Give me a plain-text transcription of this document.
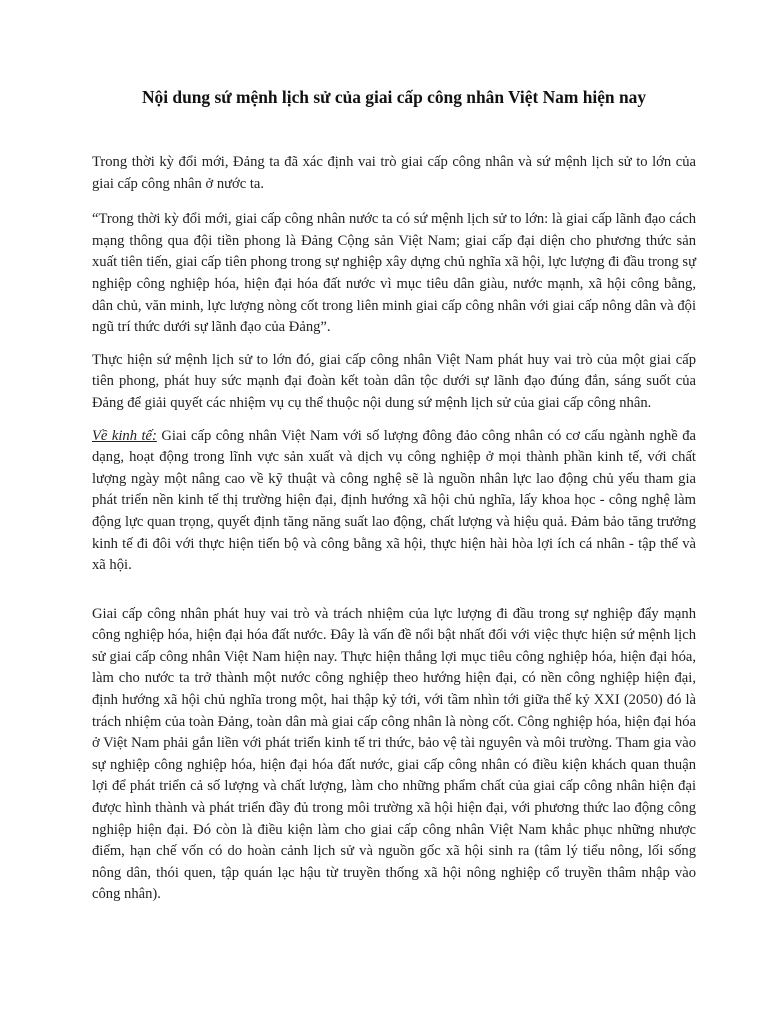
Nội dung sứ mệnh lịch sử của giai cấp công nhân Việt Nam hiện nay

Trong thời kỳ đổi mới, Đảng ta đã xác định vai trò giai cấp công nhân và sứ mệnh lịch sử to lớn của giai cấp công nhân ở nước ta.

“Trong thời kỳ đổi mới, giai cấp công nhân nước ta có sứ mệnh lịch sử to lớn: là giai cấp lãnh đạo cách mạng thông qua đội tiền phong là Đảng Cộng sản Việt Nam; giai cấp đại diện cho phương thức sản xuất tiên tiến, giai cấp tiên phong trong sự nghiệp xây dựng chủ nghĩa xã hội, lực lượng đi đầu trong sự nghiệp công nghiệp hóa, hiện đại hóa đất nước vì mục tiêu dân giàu, nước mạnh, xã hội công bằng, dân chủ, văn minh, lực lượng nòng cốt trong liên minh giai cấp công nhân với giai cấp nông dân và đội ngũ trí thức dưới sự lãnh đạo của Đảng”.

Thực hiện sứ mệnh lịch sử to lớn đó, giai cấp công nhân Việt Nam phát huy vai trò của một giai cấp tiên phong, phát huy sức mạnh đại đoàn kết toàn dân tộc dưới sự lãnh đạo đúng đắn, sáng suốt của Đảng để giải quyết các nhiệm vụ cụ thể thuộc nội dung sứ mệnh lịch sử của giai cấp công nhân.

Về kinh tế: Giai cấp công nhân Việt Nam với số lượng đông đảo công nhân có cơ cấu ngành nghề đa dạng, hoạt động trong lĩnh vực sản xuất và dịch vụ công nghiệp ở mọi thành phần kinh tế, với chất lượng ngày một nâng cao về kỹ thuật và công nghệ sẽ là nguồn nhân lực lao động chủ yếu tham gia phát triển nền kinh tế thị trường hiện đại, định hướng xã hội chủ nghĩa, lấy khoa học - công nghệ làm động lực quan trọng, quyết định tăng năng suất lao động, chất lượng và hiệu quả. Đảm bảo tăng trưởng kinh tế đi đôi với thực hiện tiến bộ và công bằng xã hội, thực hiện hài hòa lợi ích cá nhân - tập thể và xã hội.

Giai cấp công nhân phát huy vai trò và trách nhiệm của lực lượng đi đầu trong sự nghiệp đẩy mạnh công nghiệp hóa, hiện đại hóa đất nước. Đây là vấn đề nổi bật nhất đối với việc thực hiện sứ mệnh lịch sử giai cấp công nhân Việt Nam hiện nay. Thực hiện thắng lợi mục tiêu công nghiệp hóa, hiện đại hóa, làm cho nước ta trở thành một nước công nghiệp theo hướng hiện đại, có nền công nghiệp hiện đại, định hướng xã hội chủ nghĩa trong một, hai thập kỷ tới, với tầm nhìn tới giữa thế kỷ XXI (2050) đó là trách nhiệm của toàn Đảng, toàn dân mà giai cấp công nhân là nòng cốt. Công nghiệp hóa, hiện đại hóa ở Việt Nam phải gắn liền với phát triển kinh tế tri thức, bảo vệ tài nguyên và môi trường. Tham gia vào sự nghiệp công nghiệp hóa, hiện đại hóa đất nước, giai cấp công nhân có điều kiện khách quan thuận lợi để phát triển cả số lượng và chất lượng, làm cho những phẩm chất của giai cấp công nhân hiện đại được hình thành và phát triển đầy đủ trong môi trường xã hội hiện đại, với phương thức lao động công nghiệp hiện đại. Đó còn là điều kiện làm cho giai cấp công nhân Việt Nam khắc phục những nhược điểm, hạn chế vốn có do hoàn cảnh lịch sử và nguồn gốc xã hội sinh ra (tâm lý tiểu nông, lối sống nông dân, thói quen, tập quán lạc hậu từ truyền thống xã hội nông nghiệp cổ truyền thâm nhập vào công nhân).
